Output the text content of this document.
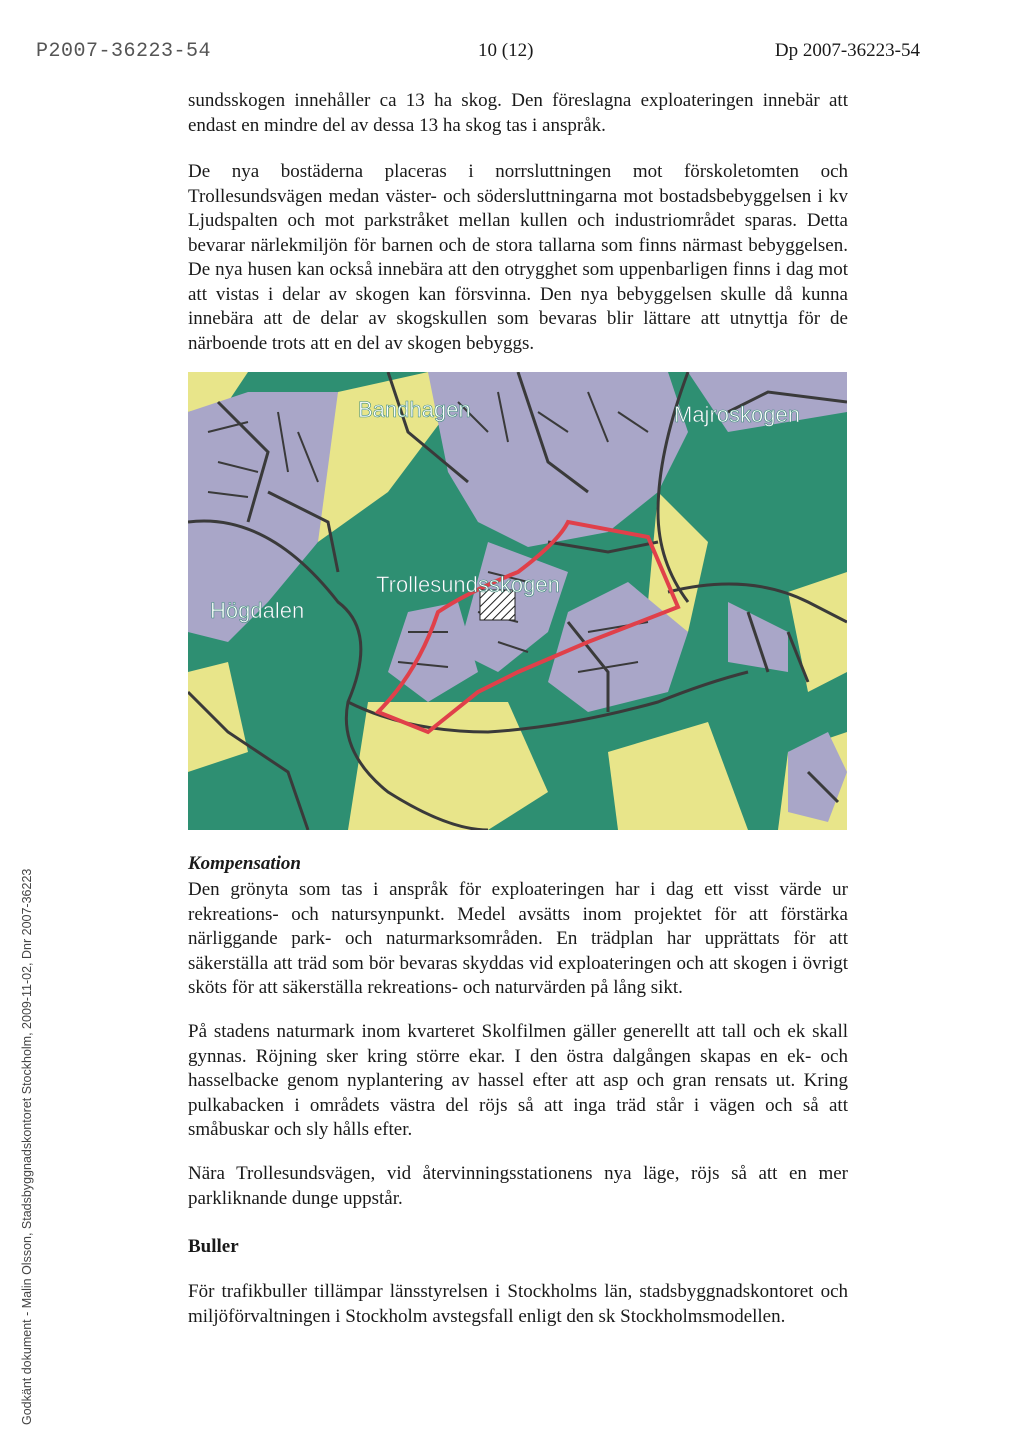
P2007-36223-54	10 (12)	Dp 2007-36223-54
Godkänt dokument - Malin Olsson, Stadsbyggnadskontoret Stockholm, 2009-11-02, Dnr 2007-36223

sundsskogen innehåller ca 13 ha skog. Den föreslagna exploateringen innebär att endast en mindre del av dessa 13 ha skog tas i anspråk.

De nya bostäderna placeras i norrsluttningen mot förskoletomten och Trollesundsvägen medan väster- och södersluttningarna mot bostadsbebyggelsen i kv Ljudspalten och mot parkstråket mellan kullen och industriområdet sparas. Detta bevarar närlekmiljön för barnen och de stora tallarna som finns närmast bebyggelsen. De nya husen kan också innebära att den otrygghet som uppenbarligen finns i dag mot att vistas i delar av skogen kan försvinna. Den nya bebyggelsen skulle då kunna innebära att de delar av skogskullen som bevaras blir lättare att utnyttja för de närboende trots att en del av skogen bebyggs.

Bandhagen	Majroskogen
Trollesundsskogen
Högdalen
Kompensation

Den grönyta som tas i anspråk för exploateringen har i dag ett visst värde ur rekreations- och natursynpunkt. Medel avsätts inom projektet för att förstärka närliggande park- och naturmarksområden. En trädplan har upprättats för att säkerställa att träd som bör bevaras skyddas vid exploateringen och att skogen i övrigt sköts för att säkerställa rekreations- och naturvärden på lång sikt.

På stadens naturmark inom kvarteret Skolfilmen gäller generellt att tall och ek skall gynnas. Röjning sker kring större ekar. I den östra dalgången skapas en ek- och hasselbacke genom nyplantering av hassel efter att asp och gran rensats ut. Kring pulkabacken i områdets västra del röjs så att inga träd står i vägen och så att småbuskar och sly hålls efter.

Nära Trollesundsvägen, vid återvinningsstationens nya läge, röjs så att en mer parkliknande dunge uppstår.

Buller

För trafikbuller tillämpar länsstyrelsen i Stockholms län, stadsbyggnadskontoret och miljöförvaltningen i Stockholm avstegsfall enligt den sk Stockholmsmodellen.
